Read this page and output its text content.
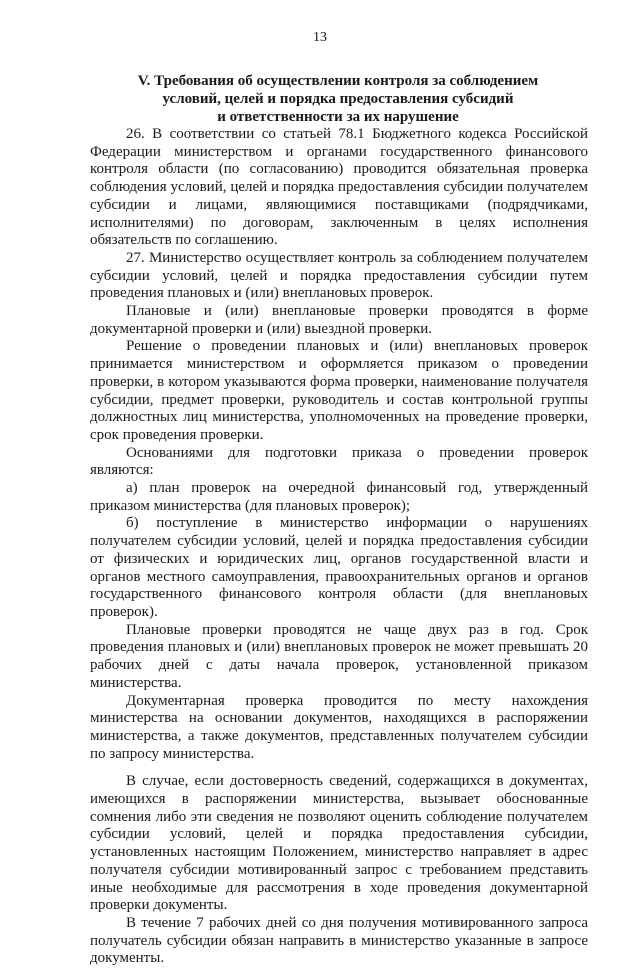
13
V. Требования об осуществлении контроля за соблюдением
условий, целей и порядка предоставления субсидий
и ответственности за их нарушение

26. В соответствии со статьей 78.1 Бюджетного кодекса Российской Федерации министерством и органами государственного финансового контроля области (по согласованию) проводится обязательная проверка соблюдения условий, целей и порядка предоставления субсидии получателем субсидии и лицами, являющимися поставщиками (подрядчиками, исполнителями) по договорам, заключенным в целях исполнения обязательств по соглашению.

27. Министерство осуществляет контроль за соблюдением получателем субсидии условий, целей и порядка предоставления субсидии путем проведения плановых и (или) внеплановых проверок.

Плановые и (или) внеплановые проверки проводятся в форме документарной проверки и (или) выездной проверки.

Решение о проведении плановых и (или) внеплановых проверок принимается министерством и оформляется приказом о проведении проверки, в котором указываются форма проверки, наименование получателя субсидии, предмет проверки, руководитель и состав контрольной группы должностных лиц министерства, уполномоченных на проведение проверки, срок проведения проверки.

Основаниями для подготовки приказа о проведении проверок являются:

а) план проверок на очередной финансовый год, утвержденный приказом министерства (для плановых проверок);

б) поступление в министерство информации о нарушениях получателем субсидии условий, целей и порядка предоставления субсидии от физических и юридических лиц, органов государственной власти и органов местного самоуправления, правоохранительных органов и органов государственного финансового контроля области (для внеплановых проверок).

Плановые проверки проводятся не чаще двух раз в год. Срок проведения плановых и (или) внеплановых проверок не может превышать 20 рабочих дней с даты начала проверок, установленной приказом министерства.

Документарная проверка проводится по месту нахождения министерства на основании документов, находящихся в распоряжении министерства, а также документов, представленных получателем субсидии по запросу министерства.

В случае, если достоверность сведений, содержащихся в документах, имеющихся в распоряжении министерства, вызывает обоснованные сомнения либо эти сведения не позволяют оценить соблюдение получателем субсидии условий, целей и порядка предоставления субсидии, установленных настоящим Положением, министерство направляет в адрес получателя субсидии мотивированный запрос с требованием представить иные необходимые для рассмотрения в ходе проведения документарной проверки документы.

В течение 7 рабочих дней со дня получения мотивированного запроса получатель субсидии обязан направить в министерство указанные в запросе документы.
